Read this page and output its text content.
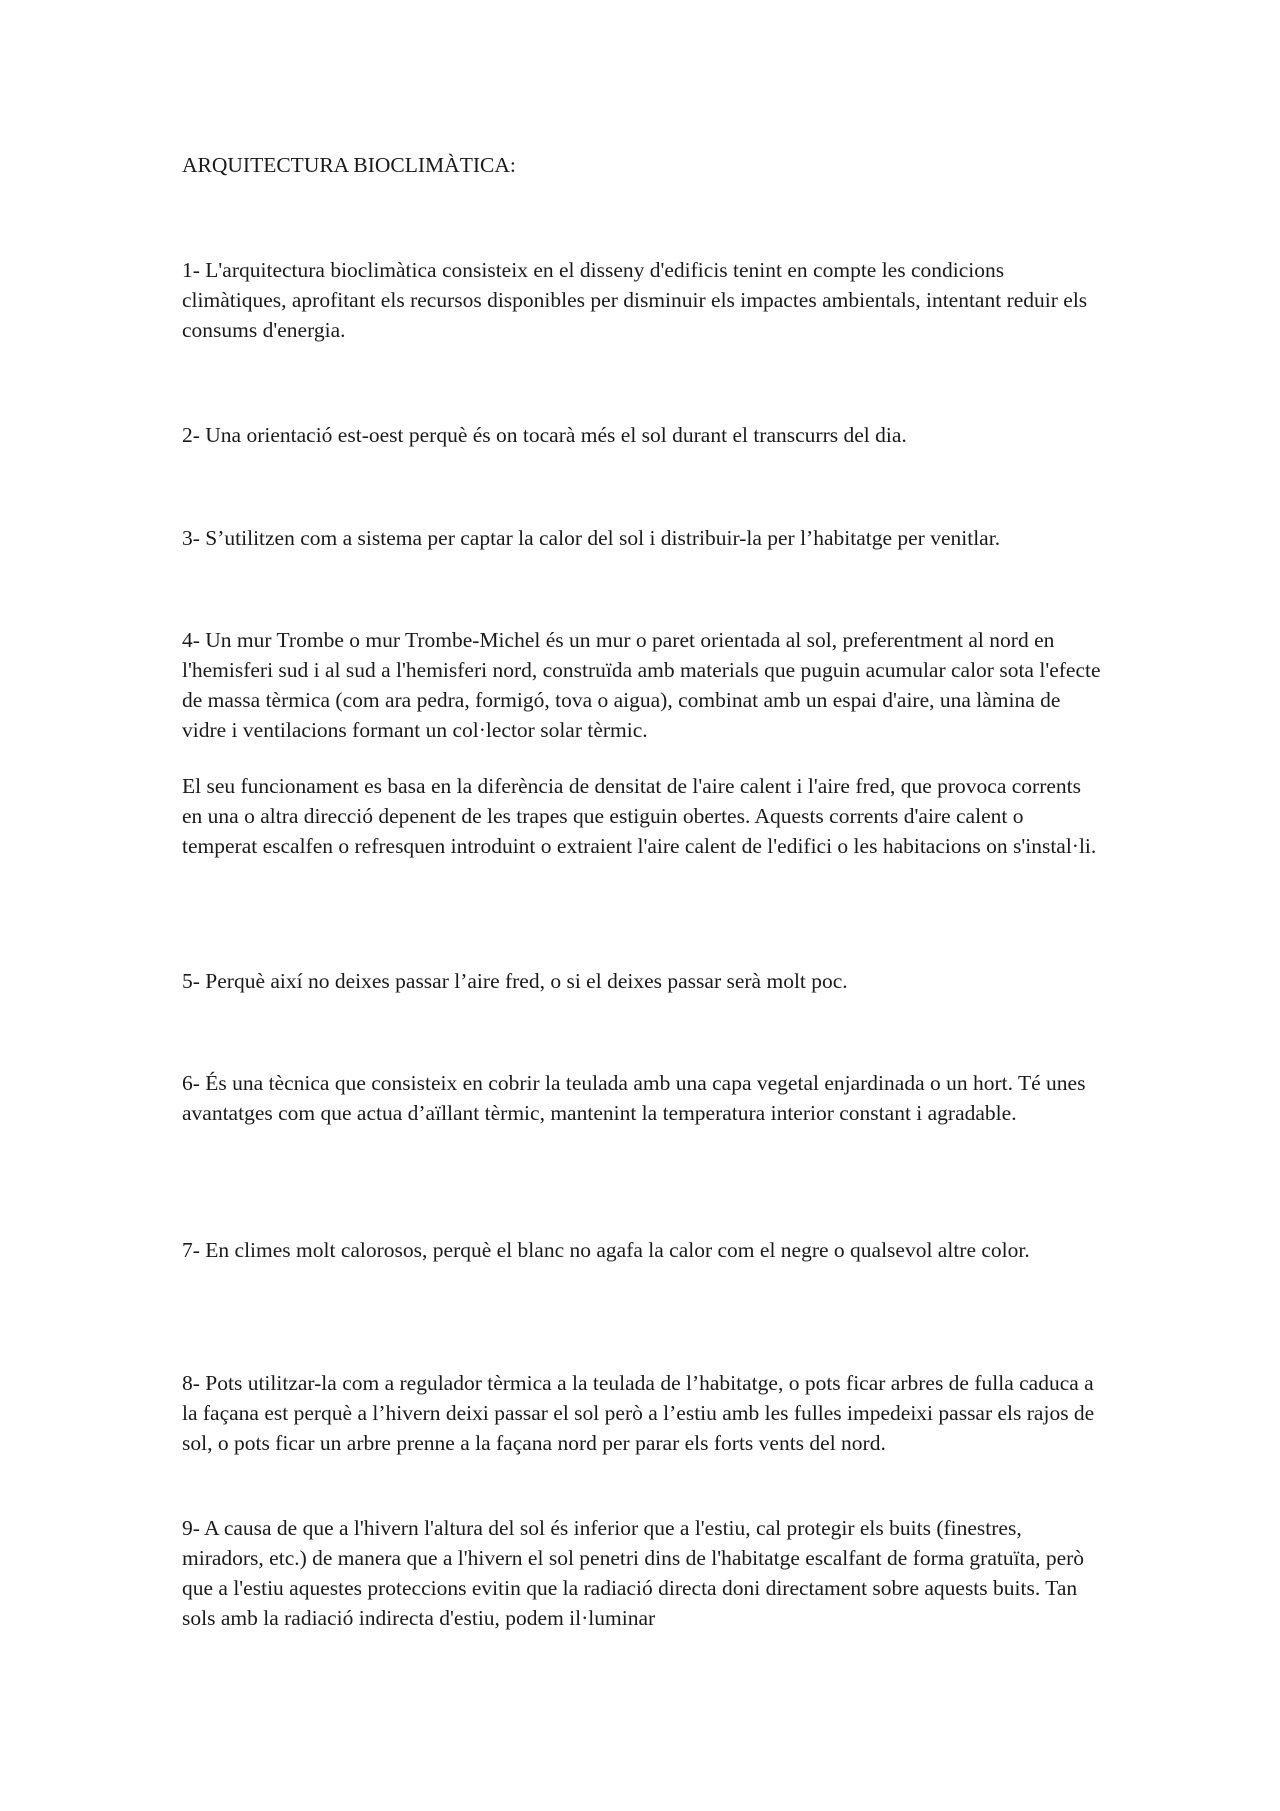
ARQUITECTURA BIOCLIMÀTICA:

1- L'arquitectura bioclimàtica consisteix en el disseny d'edificis tenint en compte les condicions climàtiques, aprofitant els recursos disponibles per disminuir els impactes ambientals, intentant reduir els consums d'energia.

2- Una orientació est-oest perquè és on tocarà més el sol durant el transcurrs del dia.

3- S’utilitzen com a sistema per captar la calor del sol i distribuir-la per l’habitatge per venitlar.

4- Un mur Trombe o mur Trombe-Michel és un mur o paret orientada al sol, preferentment al nord en l'hemisferi sud i al sud a l'hemisferi nord, construïda amb materials que puguin acumular calor sota l'efecte de massa tèrmica (com ara pedra, formigó, tova o aigua), combinat amb un espai d'aire, una làmina de vidre i ventilacions formant un col·lector solar tèrmic.

El seu funcionament es basa en la diferència de densitat de l'aire calent i l'aire fred, que provoca corrents en una o altra direcció depenent de les trapes que estiguin obertes. Aquests corrents d'aire calent o temperat escalfen o refresquen introduint o extraient l'aire calent de l'edifici o les habitacions on s'instal·li.

5- Perquè així no deixes passar l’aire fred, o si el deixes passar serà molt poc.

6- És una tècnica que consisteix en cobrir la teulada amb una capa vegetal enjardinada o un hort. Té unes avantatges com que actua d’aïllant tèrmic, mantenint la temperatura interior constant i agradable.

7- En climes molt calorosos, perquè el blanc no agafa la calor com el negre o qualsevol altre color.

8- Pots utilitzar-la com a regulador tèrmica a la teulada de l’habitatge, o pots ficar arbres de fulla caduca a la façana est perquè a l’hivern deixi passar el sol però a l’estiu amb les fulles impedeixi passar els rajos de sol, o pots ficar un arbre prenne a la façana nord per parar els forts vents del nord.

9- A causa de que a l'hivern l'altura del sol és inferior que a l'estiu, cal protegir els buits (finestres, miradors, etc.) de manera que a l'hivern el sol penetri dins de l'habitatge escalfant de forma gratuïta, però que a l'estiu aquestes proteccions evitin que la radiació directa doni directament sobre aquests buits. Tan sols amb la radiació indirecta d'estiu, podem il·luminar
